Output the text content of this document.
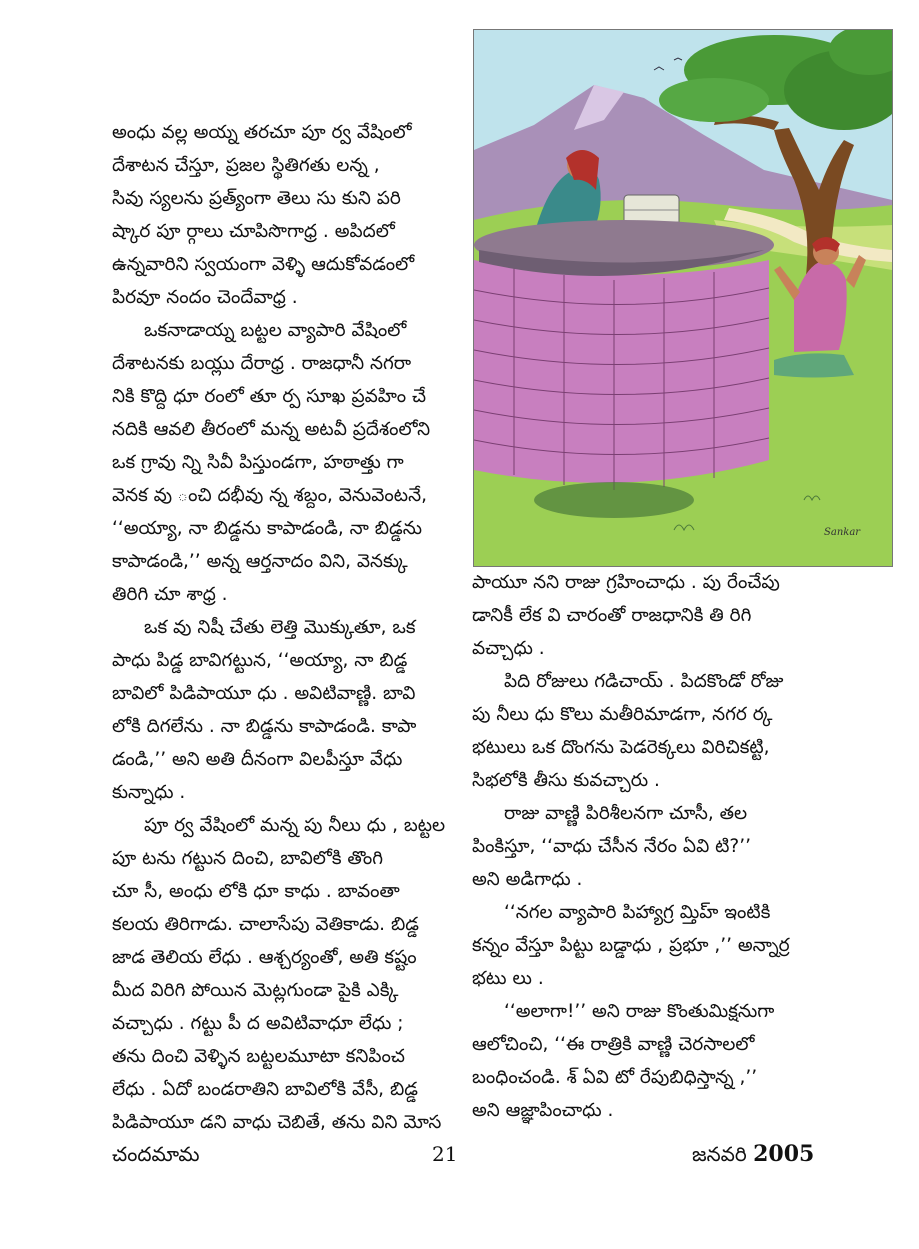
అంధు వల్ల అయ్న తరచూ పూ ర్వ వేషింలో
దేశాటన చేస్తూ, ప్రజల స్థితిగతు లన్న ,
సివు స్యలను ప్రత్య్ంగా తెలు సు కుని పరి
ష్కార పూ ర్గాలు చూపిసొగాధ్ర . అపిదలో
ఉన్నవారిని స్వయంగా వెళ్ళి ఆదుకోవడంలో
పిరవూ నందం చెందేవాధ్ర .
ఒకనాడాయ్న బట్టల వ్యాపారి వేషింలో
దేశాటనకు బయ్లు దేరాధ్ర . రాజధానీ నగరా
నికి కొద్ది ధూ రంలో తూ ర్ప సూఖ ప్రవహిం చే
నదికి ఆవలి తీరంలో మన్న అటవీ ప్రదేశంలోని
ఒక గ్రావు న్ని సివీ పిస్తుండగా, హఠాత్తు గా
వెనక వు ంచి దభీవు న్న శబ్దం, వెనువెంటనే,
‘‘అయ్యా, నా బిడ్డను కాపాడండి, నా బిడ్డను
కాపాడండి,’’ అన్న ఆర్తనాదం విని, వెనక్కు
తిరిగి చూ శాధ్ర .
ఒక వు నిషీ చేతు లెత్తి మొక్కుతూ, ఒక
పాధు పిడ్డ బావిగట్టున, ‘‘అయ్యా, నా బిడ్డ
బావిలో పిడిపాయూ ధు . అవిటివాణ్ణి. బావి
లోకి దిగలేను . నా బిడ్డను కాపాడండి. కాపా
డండి,’’ అని అతి దీనంగా విలపీస్తూ వేధు
కున్నాధు .
పూ ర్వ వేషింలో మన్న పు నీలు ధు , బట్టల
పూ టను గట్టున దించి, బావిలోకి తొంగి
చూ సీ, అంధు లోకి ధూ కాధు . బావంతా
కలయ తిరిగాడు. చాలాసేపు వెతికాడు. బిడ్డ
జాడ తెలియ లేధు . ఆశ్చర్యంతో, అతి కష్టం
మీద విరిగి పోయిన మెట్లగుండా పైకి ఎక్కి
వచ్చాధు . గట్టు పీ ద అవిటివాధూ లేధు ;
తను దించి వెళ్ళిన బట్టలమూటా కనిపించ
లేధు . ఏదో బండరాతిని బావిలోకి వేసీ, బిడ్డ
పిడిపాయూ డని వాధు చెబితే, తను విని మోస
Sankar
పాయూ నని రాజు గ్రహించాధు . పు రేంచేపు
డానికీ లేక వి చారంతో రాజధానికి తి రిగి
వచ్చాధు .
పిది రోజులు గడిచాయ్ . పిదకొండో రోజు
పు నీలు ధు కొలు మతీరిమాడగా, నగర ర్క
భటులు ఒక దొంగను పెడరెక్కలు విరిచికట్టి,
సిభలోకి తీసు కువచ్చారు .
రాజు వాణ్ణి పిరిశీలనగా చూసీ, తల
పింకిస్తూ, ‘‘వాధు చేసీన నేరం ఏవి టి?’’
అని అడిగాధు .
‘‘నగల వ్యాపారి పిహ్యాగ్ర మ్తిహ్ ఇంటికి
కన్నం వేస్తూ పిట్టు బడ్డాధు , ప్రభూ ,’’ అన్నార్ర
భటు లు .
‘‘అలాగా!’’ అని రాజు కొంతుమిక్షనుగా
ఆలోచించి, ‘‘ఈ రాత్రికి వాణ్ణి చెరసాలలో
బంధించండి. శ్ ఏవి టో రేపుబిధిస్తాన్న ,’’
అని ఆజ్ఞాపించాధు .
చందమామ	21	జనవరి 2005
